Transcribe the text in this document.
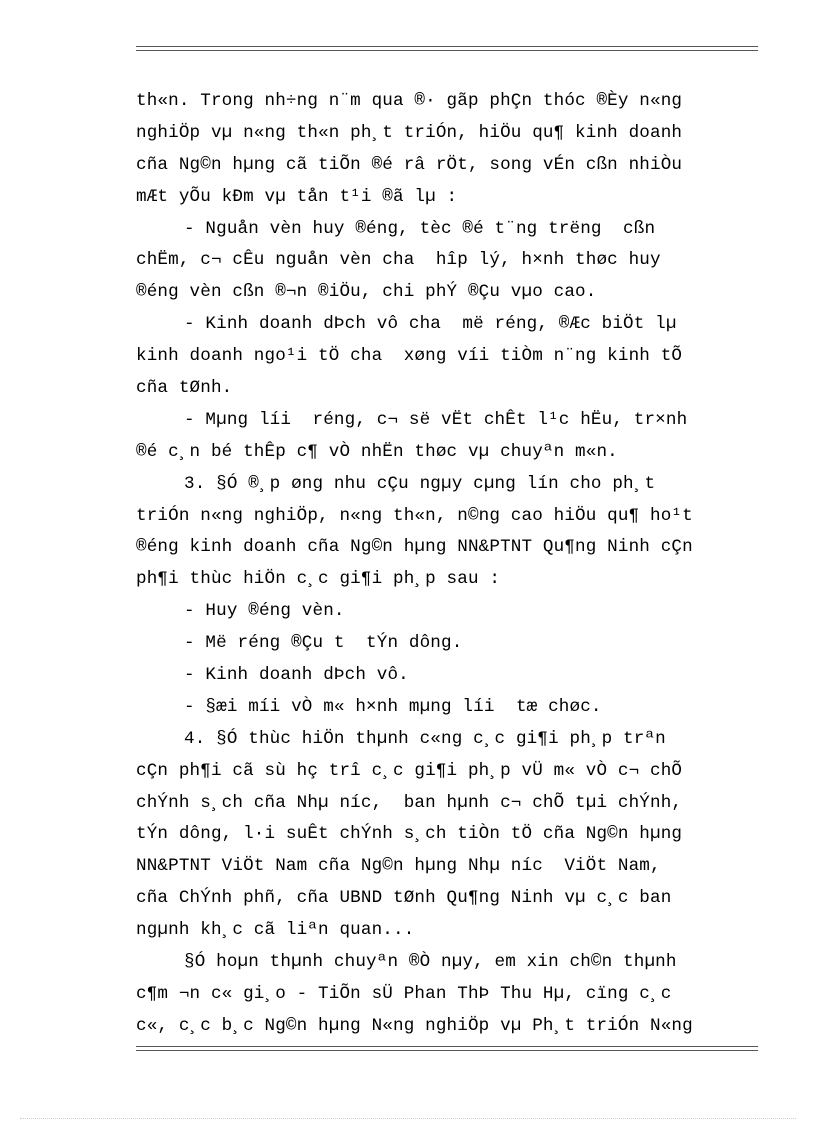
th«n. Trong nh÷ng n¨m qua ®· gãp phÇn thóc ®Èy n«ng
nghiÖp vµ n«ng th«n ph¸t triÓn, hiÖu qu¶ kinh doanh
cña Ng©n hµng cã tiÕn ®é râ rÖt, song vÉn cßn nhiÒu
mÆt yÕu kÐm vµ tån t¹i ®ã lµ :
- Nguån vèn huy ®éng, tèc ®é t¨ng trëng  cßn
chËm, c¬ cÊu nguån vèn cha  hîp lý, h×nh thøc huy
®éng vèn cßn ®¬n ®iÖu, chi phÝ ®Çu vµo cao.
- Kinh doanh dÞch vô cha  më réng, ®Æc biÖt lµ
kinh doanh ngo¹i tÖ cha  xøng víi tiÒm n¨ng kinh tÕ
cña tØnh.
- Mµng líi  réng, c¬ së vËt chÊt l¹c hËu, tr×nh
®é c¸n bé thÊp c¶ vÒ nhËn thøc vµ chuyªn m«n.
3. §Ó ®¸p øng nhu cÇu ngµy cµng lín cho ph¸t
triÓn n«ng nghiÖp, n«ng th«n, n©ng cao hiÖu qu¶ ho¹t
®éng kinh doanh cña Ng©n hµng NN&PTNT Qu¶ng Ninh cÇn
ph¶i thùc hiÖn c¸c gi¶i ph¸p sau :
- Huy ®éng vèn.
- Më réng ®Çu t  tÝn dông.
- Kinh doanh dÞch vô.
- §æi míi vÒ m« h×nh mµng líi  tæ chøc.
4. §Ó thùc hiÖn thµnh c«ng c¸c gi¶i ph¸p trªn
cÇn ph¶i cã sù hç trî c¸c gi¶i ph¸p vÜ m« vÒ c¬ chÕ
chÝnh s¸ch cña Nhµ níc,  ban hµnh c¬ chÕ tµi chÝnh,
tÝn dông, l·i suÊt chÝnh s¸ch tiÒn tÖ cña Ng©n hµng
NN&PTNT ViÖt Nam cña Ng©n hµng Nhµ níc  ViÖt Nam,
cña ChÝnh phñ, cña UBND tØnh Qu¶ng Ninh vµ c¸c ban
ngµnh kh¸c cã liªn quan...
§Ó hoµn thµnh chuyªn ®Ò nµy, em xin ch©n thµnh
c¶m ¬n c« gi¸o - TiÕn sÜ Phan ThÞ Thu Hµ, cïng c¸c
c«, c¸c b¸c Ng©n hµng N«ng nghiÖp vµ Ph¸t triÓn N«ng
